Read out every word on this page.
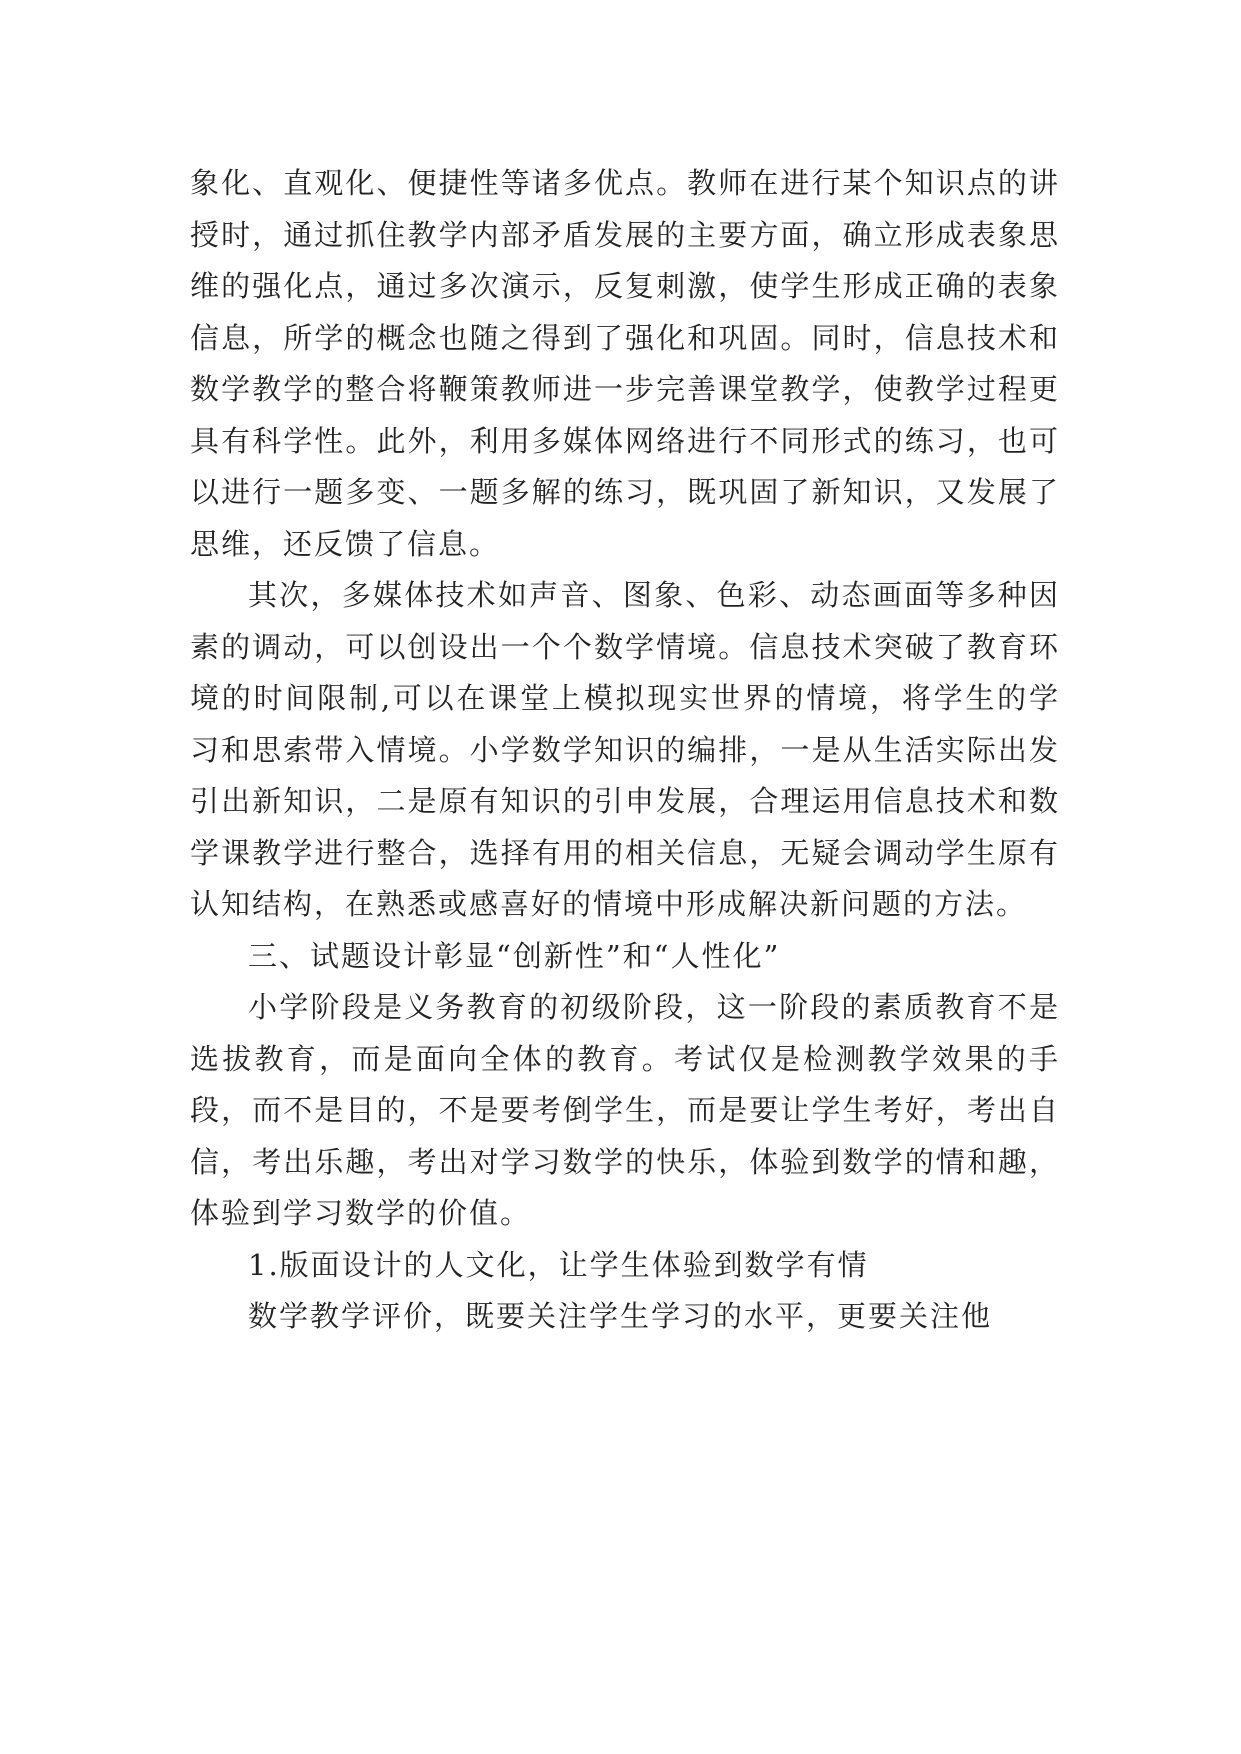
象化、直观化、便捷性等诸多优点。教师在进行某个知识点的讲授时，通过抓住教学内部矛盾发展的主要方面，确立形成表象思维的强化点，通过多次演示，反复刺激，使学生形成正确的表象信息，所学的概念也随之得到了强化和巩固。同时，信息技术和数学教学的整合将鞭策教师进一步完善课堂教学，使教学过程更具有科学性。此外，利用多媒体网络进行不同形式的练习，也可以进行一题多变、一题多解的练习，既巩固了新知识，又发展了思维，还反馈了信息。

其次，多媒体技术如声音、图象、色彩、动态画面等多种因素的调动，可以创设出一个个数学情境。信息技术突破了教育环境的时间限制,可以在课堂上模拟现实世界的情境，将学生的学习和思索带入情境。小学数学知识的编排，一是从生活实际出发引出新知识，二是原有知识的引申发展，合理运用信息技术和数学课教学进行整合，选择有用的相关信息，无疑会调动学生原有认知结构，在熟悉或感喜好的情境中形成解决新问题的方法。

三、试题设计彰显“创新性”和“人性化”

小学阶段是义务教育的初级阶段，这一阶段的素质教育不是选拔教育，而是面向全体的教育。考试仅是检测教学效果的手段，而不是目的，不是要考倒学生，而是要让学生考好，考出自信，考出乐趣，考出对学习数学的快乐，体验到数学的情和趣，体验到学习数学的价值。

1.版面设计的人文化，让学生体验到数学有情

数学教学评价，既要关注学生学习的水平，更要关注他
